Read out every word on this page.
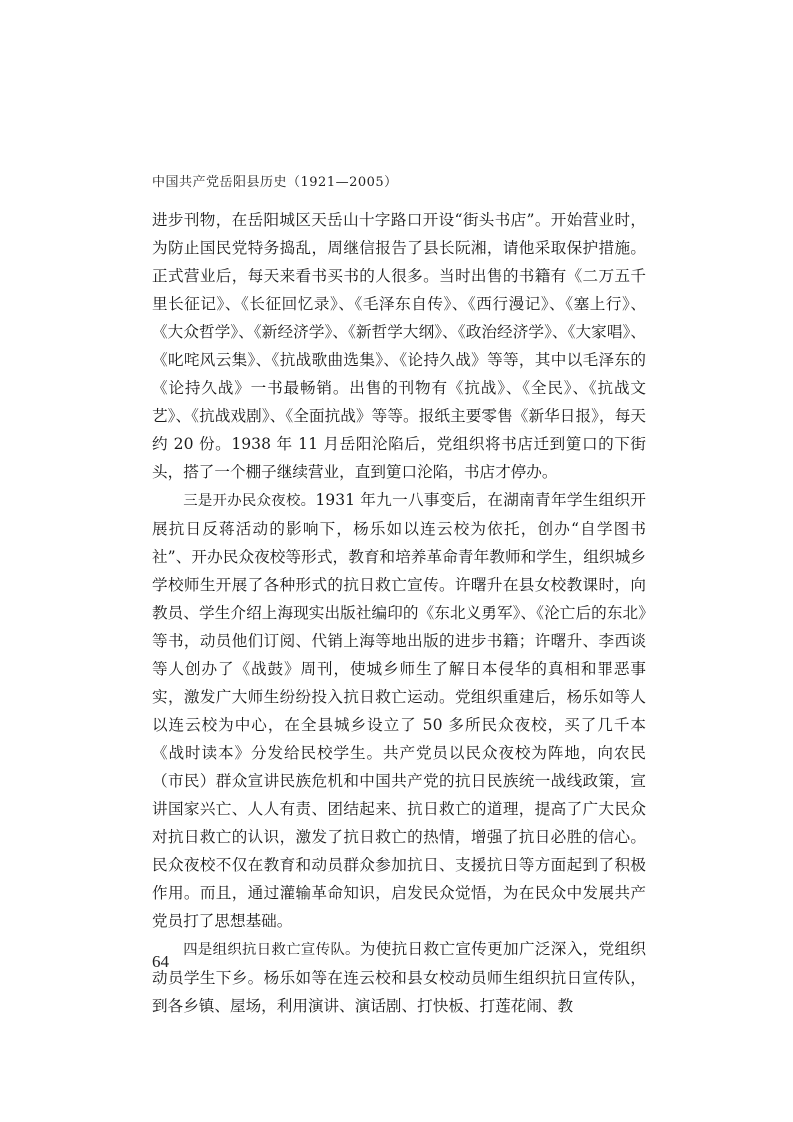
中国共产党岳阳县历史（1921—2005）

进步刊物，在岳阳城区天岳山十字路口开设“街头书店”。开始营业时，为防止国民党特务捣乱，周继信报告了县长阮湘，请他采取保护措施。正式营业后，每天来看书买书的人很多。当时出售的书籍有《二万五千里长征记》、《长征回忆录》、《毛泽东自传》、《西行漫记》、《塞上行》、《大众哲学》、《新经济学》、《新哲学大纲》、《政治经济学》、《大家唱》、《叱咤风云集》、《抗战歌曲选集》、《论持久战》等等，其中以毛泽东的《论持久战》一书最畅销。出售的刊物有《抗战》、《全民》、《抗战文艺》、《抗战戏剧》、《全面抗战》等等。报纸主要零售《新华日报》，每天约 20 份。1938 年 11 月岳阳沦陷后，党组织将书店迁到筻口的下街头，搭了一个棚子继续营业，直到筻口沦陷，书店才停办。

三是开办民众夜校。1931 年九一八事变后，在湖南青年学生组织开展抗日反蒋活动的影响下，杨乐如以连云校为依托，创办“自学图书社”、开办民众夜校等形式，教育和培养革命青年教师和学生，组织城乡学校师生开展了各种形式的抗日救亡宣传。许曙升在县女校教课时，向教员、学生介绍上海现实出版社编印的《东北义勇军》、《沦亡后的东北》等书，动员他们订阅、代销上海等地出版的进步书籍；许曙升、李西谈等人创办了《战鼓》周刊，使城乡师生了解日本侵华的真相和罪恶事实，激发广大师生纷纷投入抗日救亡运动。党组织重建后，杨乐如等人以连云校为中心，在全县城乡设立了 50 多所民众夜校，买了几千本《战时读本》分发给民校学生。共产党员以民众夜校为阵地，向农民（市民）群众宣讲民族危机和中国共产党的抗日民族统一战线政策，宣讲国家兴亡、人人有责、团结起来、抗日救亡的道理，提高了广大民众对抗日救亡的认识，激发了抗日救亡的热情，增强了抗日必胜的信心。民众夜校不仅在教育和动员群众参加抗日、支援抗日等方面起到了积极作用。而且，通过灌输革命知识，启发民众觉悟，为在民众中发展共产党员打了思想基础。

四是组织抗日救亡宣传队。为使抗日救亡宣传更加广泛深入，党组织动员学生下乡。杨乐如等在连云校和县女校动员师生组织抗日宣传队，到各乡镇、屋场，利用演讲、演话剧、打快板、打莲花闹、教

64
